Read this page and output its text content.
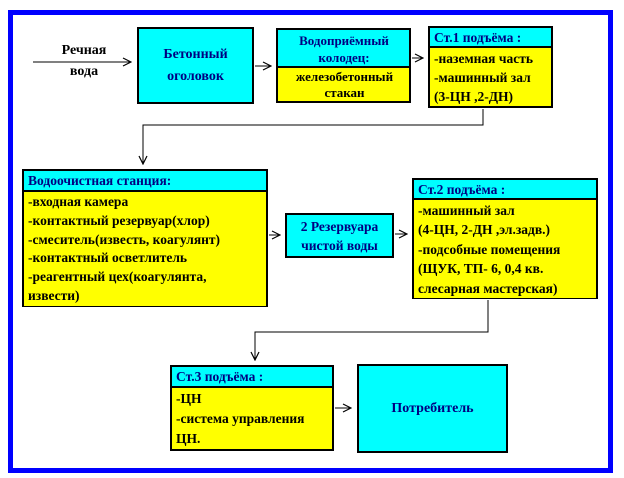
Речная
вода
Бетонный
оголовок
Водоприёмный
колодец:
железобетонный
стакан
Ст.1 подъёма :
-наземная часть
-машинный зал
(3-ЦН ,2-ДН)
Водоочистная станция:
-входная камера
-контактный резервуар(хлор)
-смеситель(известь, коагулянт)
-контактный осветлитель
-реагентный цех(коагулянта,
извести)
2 Резервуара
чистой воды
Ст.2 подъёма :
-машинный зал
(4-ЦН, 2-ДН ,эл.задв.)
-подсобные помещения
(ЩУК, ТП- 6, 0,4 кв.
слесарная мастерская)
Ст.3 подъёма :
-ЦН
-система управления
ЦН.
Потребитель
